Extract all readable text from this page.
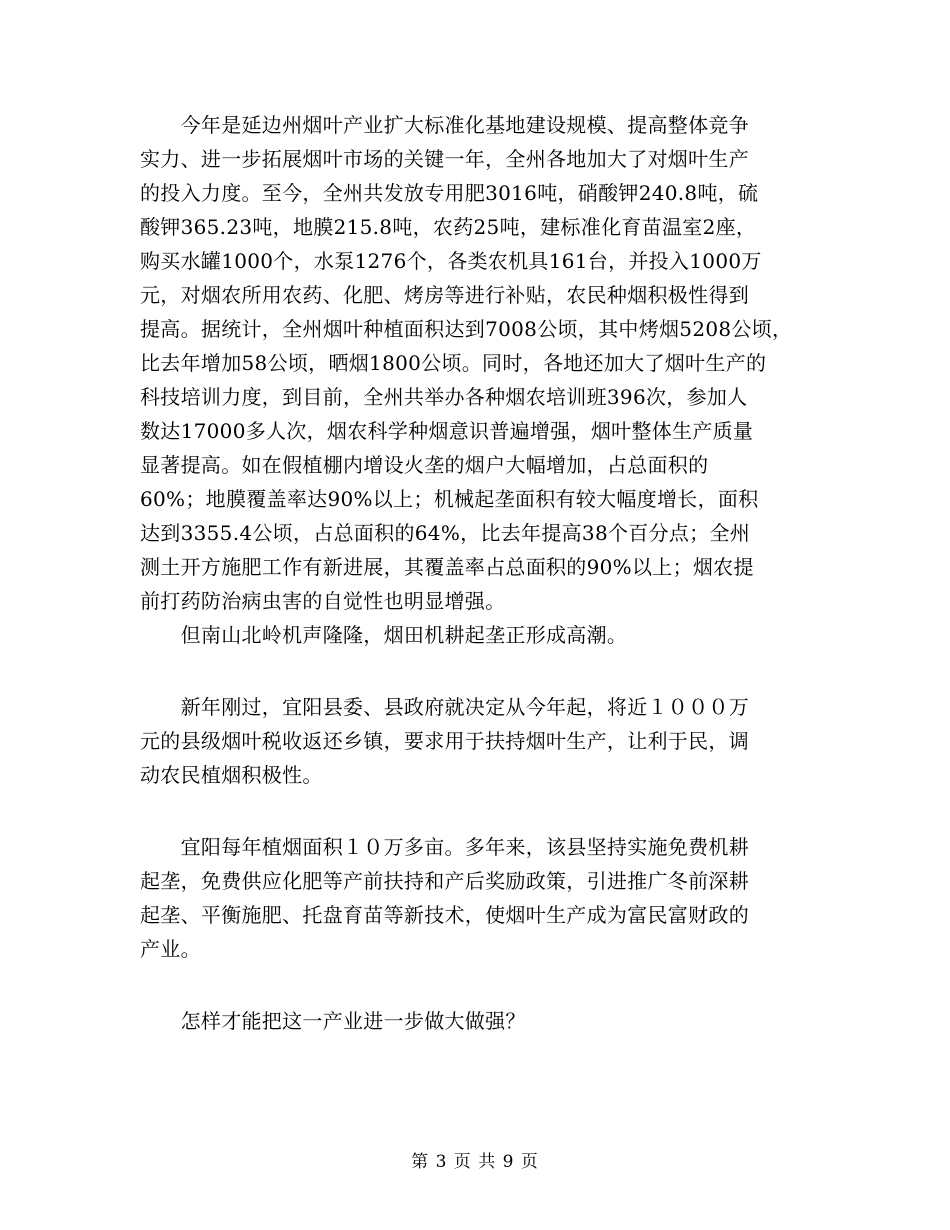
　　今年是延边州烟叶产业扩大标准化基地建设规模、提高整体竞争
实力、进一步拓展烟叶市场的关键一年，全州各地加大了对烟叶生产
的投入力度。至今，全州共发放专用肥3016吨，硝酸钾240.8吨，硫
酸钾365.23吨，地膜215.8吨，农药25吨，建标准化育苗温室2座，
购买水罐1000个，水泵1276个，各类农机具161台，并投入1000万
元，对烟农所用农药、化肥、烤房等进行补贴，农民种烟积极性得到
提高。据统计，全州烟叶种植面积达到7008公顷，其中烤烟5208公顷，
比去年增加58公顷，晒烟1800公顷。同时，各地还加大了烟叶生产的
科技培训力度，到目前，全州共举办各种烟农培训班396次，参加人
数达17000多人次，烟农科学种烟意识普遍增强，烟叶整体生产质量
显著提高。如在假植棚内增设火垄的烟户大幅增加，占总面积的
60%；地膜覆盖率达90%以上；机械起垄面积有较大幅度增长，面积
达到3355.4公顷，占总面积的64%，比去年提高38个百分点；全州
测土开方施肥工作有新进展，其覆盖率占总面积的90%以上；烟农提
前打药防治病虫害的自觉性也明显增强。
　　但南山北岭机声隆隆，烟田机耕起垄正形成高潮。
　　新年刚过，宜阳县委、县政府就决定从今年起，将近１０００万
元的县级烟叶税收返还乡镇，要求用于扶持烟叶生产，让利于民，调
动农民植烟积极性。
　　宜阳每年植烟面积１０万多亩。多年来，该县坚持实施免费机耕
起垄，免费供应化肥等产前扶持和产后奖励政策，引进推广冬前深耕
起垄、平衡施肥、托盘育苗等新技术，使烟叶生产成为富民富财政的
产业。
　　怎样才能把这一产业进一步做大做强？
第 3 页 共 9 页
